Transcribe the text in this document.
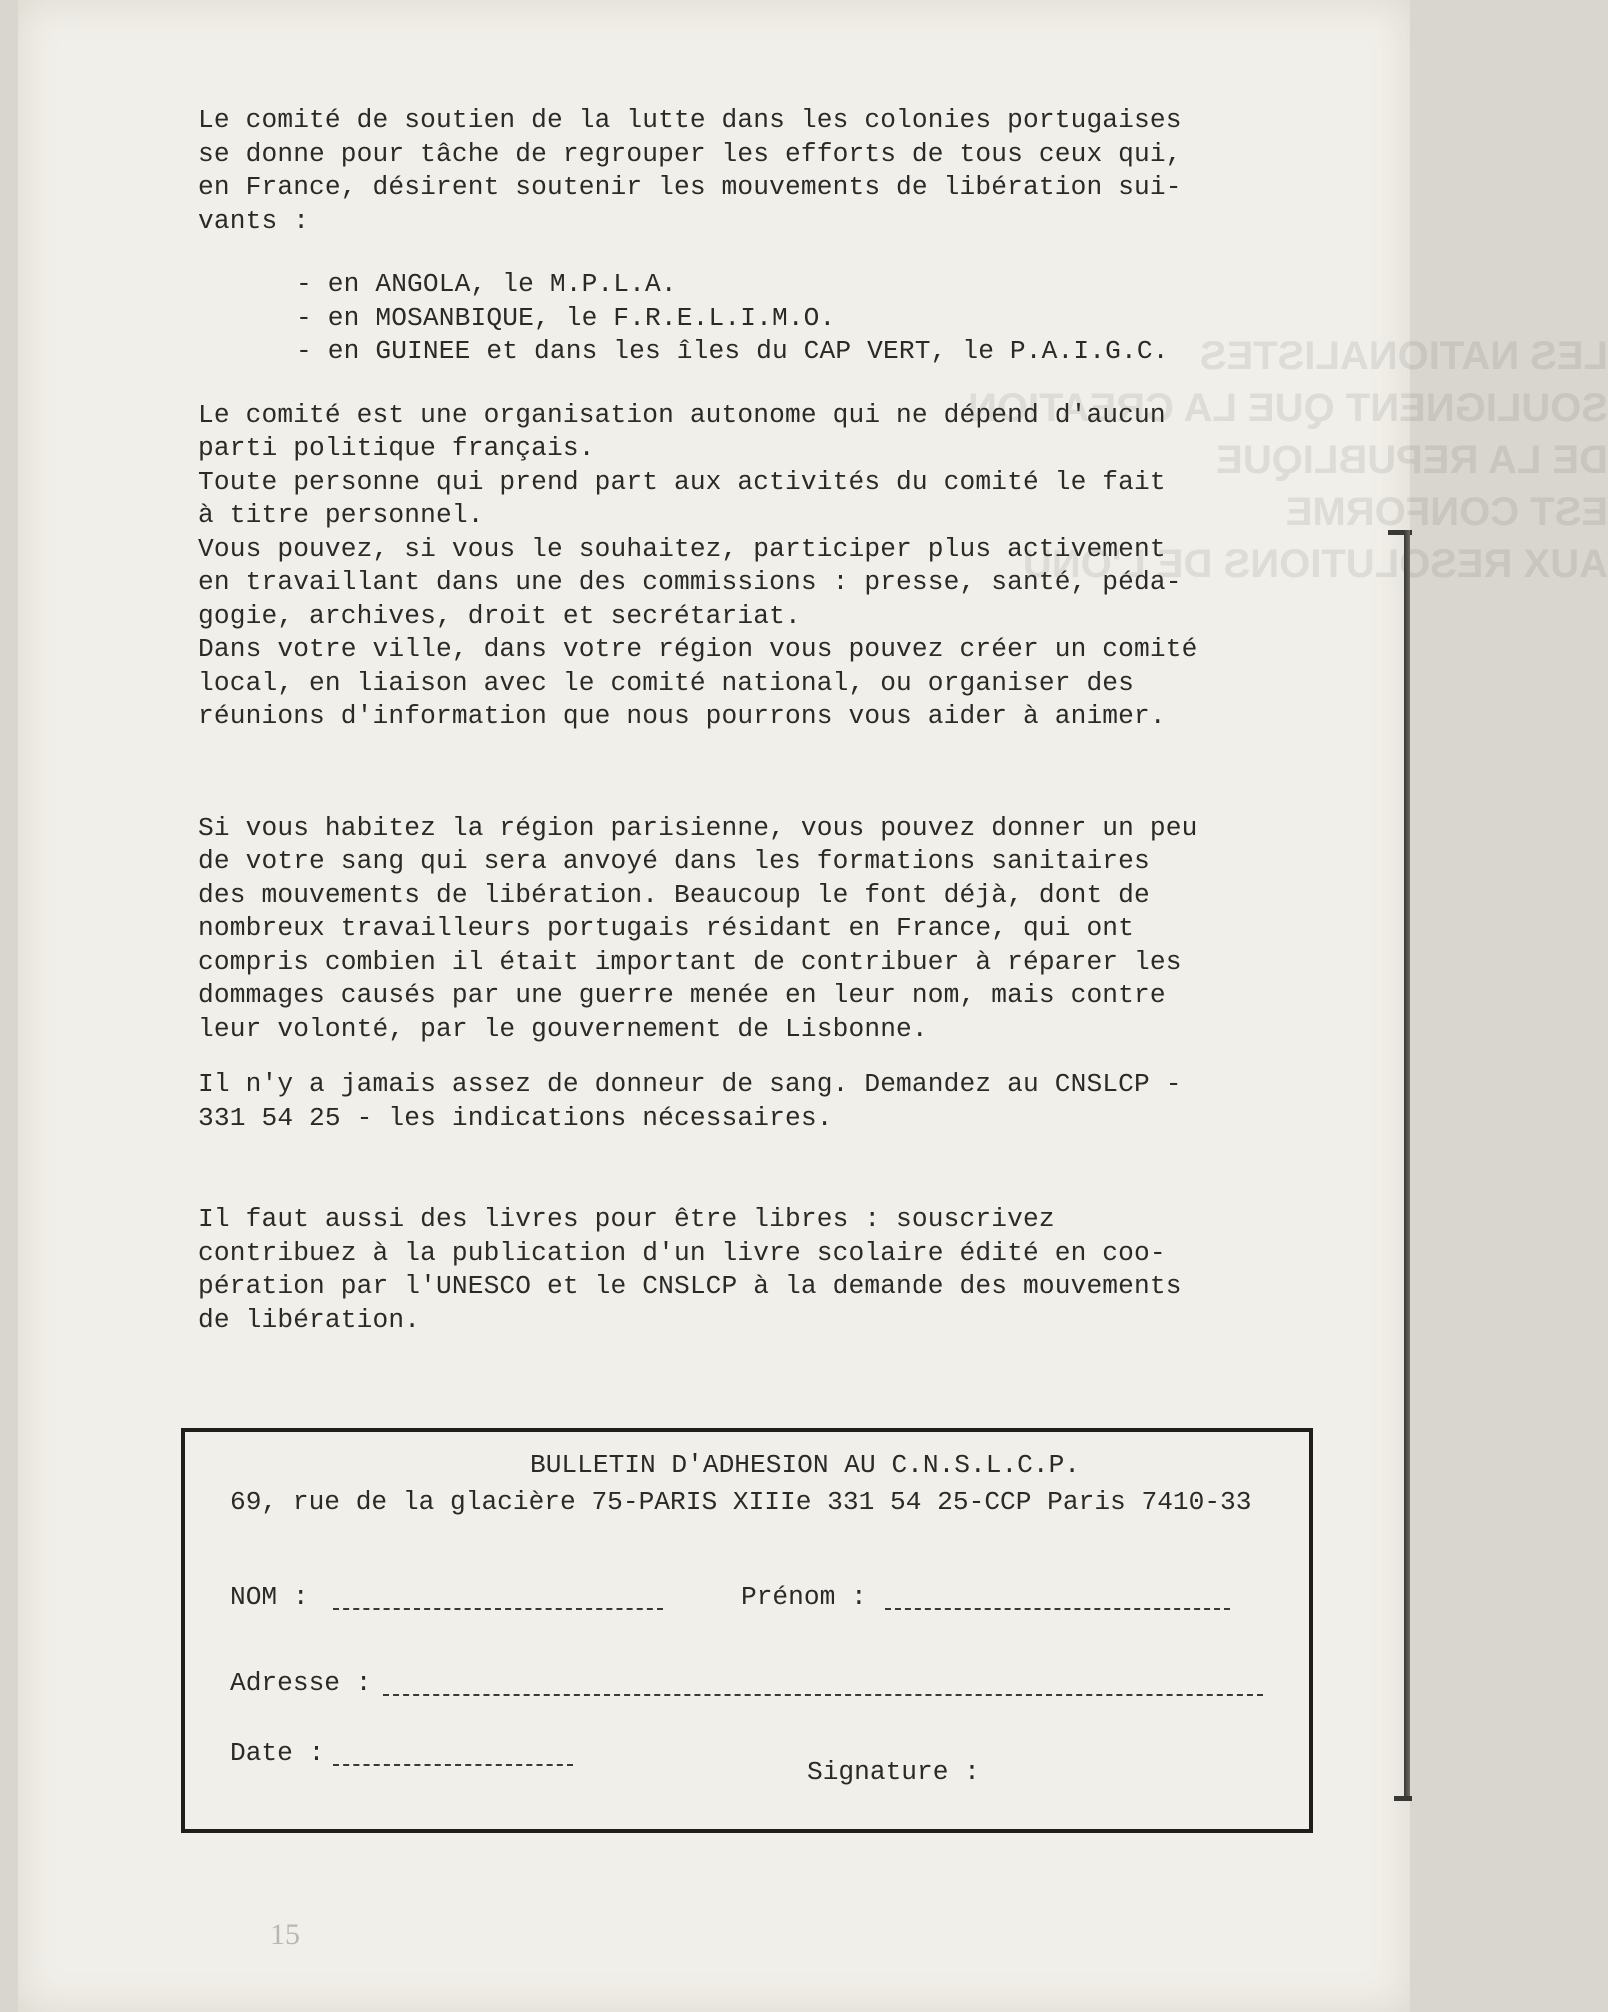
LES NATIONALISTES
SOULIGNENT QUE LA CREATION
DE LA REPUBLIQUE
EST CONFORME
AUX RESOLUTIONS DE L'ONU

Le comité de soutien de la lutte dans les colonies portugaises
se donne pour tâche de regrouper les efforts de tous ceux qui,
en France, désirent soutenir les mouvements de libération sui-
vants :

- en ANGOLA, le M.P.L.A.
- en MOSANBIQUE, le F.R.E.L.I.M.O.
- en GUINEE et dans les îles du CAP VERT, le P.A.I.G.C.

Le comité est une organisation autonome qui ne dépend d'aucun
parti politique français.
Toute personne qui prend part aux activités du comité le fait
à titre personnel.
Vous pouvez, si vous le souhaitez, participer plus activement
en travaillant dans une des commissions : presse, santé, péda-
gogie, archives, droit et secrétariat.
Dans votre ville, dans votre région vous pouvez créer un comité
local, en liaison avec le comité national, ou organiser des
réunions d'information que nous pourrons vous aider à animer.

Si vous habitez la région parisienne, vous pouvez donner un peu
de votre sang qui sera anvoyé dans les formations sanitaires
des mouvements de libération. Beaucoup le font déjà, dont de
nombreux travailleurs portugais résidant en France, qui ont
compris combien il était important de contribuer à réparer les
dommages causés par une guerre menée en leur nom, mais contre
leur volonté, par le gouvernement de Lisbonne.

Il n'y a jamais assez de donneur de sang. Demandez au CNSLCP -
331 54 25 - les indications nécessaires.

Il faut aussi des livres pour être libres : souscrivez
contribuez à la publication d'un livre scolaire édité en coo-
pération par l'UNESCO et le CNSLCP à la demande des mouvements
de libération.

BULLETIN D'ADHESION AU C.N.S.L.C.P.
69, rue de la glacière 75-PARIS XIIIe 331 54 25-CCP Paris 7410-33
NOM :	Prénom :
Adresse :
Date :
Signature :
15
